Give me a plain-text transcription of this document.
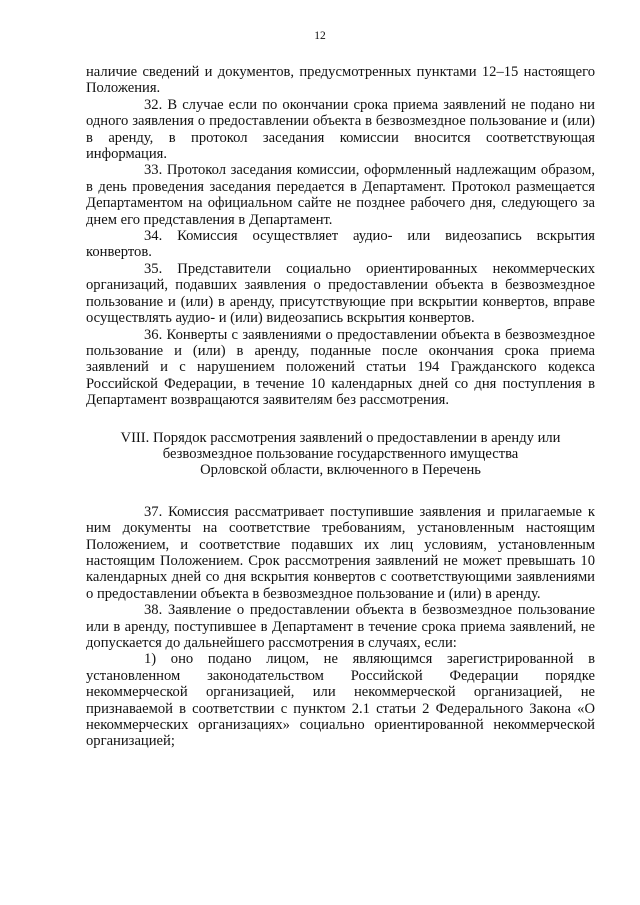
12

наличие сведений и документов, предусмотренных пунктами 12–15 настоящего Положения.

32. В случае если по окончании срока приема заявлений не подано ни одного заявления о предоставлении объекта в безвозмездное пользование и (или) в аренду, в протокол заседания комиссии вносится соответствующая информация.

33. Протокол заседания комиссии, оформленный надлежащим образом, в день проведения заседания передается в Департамент. Протокол размещается Департаментом на официальном сайте не позднее рабочего дня, следующего за днем его представления в Департамент.

34. Комиссия осуществляет аудио- или видеозапись вскрытия конвертов.

35. Представители социально ориентированных некоммерческих организаций, подавших заявления о предоставлении объекта в безвозмездное пользование и (или) в аренду, присутствующие при вскрытии конвертов, вправе осуществлять аудио- и (или) видеозапись вскрытия конвертов.

36. Конверты с заявлениями о предоставлении объекта в безвозмездное пользование и (или) в аренду, поданные после окончания срока приема заявлений и с нарушением положений статьи 194 Гражданского кодекса Российской Федерации, в течение 10 календарных дней со дня поступления в Департамент возвращаются заявителям без рассмотрения.

VIII. Порядок рассмотрения заявлений о предоставлении в аренду или
безвозмездное пользование государственного имущества
Орловской области, включенного в Перечень

37. Комиссия рассматривает поступившие заявления и прилагаемые к ним документы на соответствие требованиям, установленным настоящим Положением, и соответствие подавших их лиц условиям, установленным настоящим Положением. Срок рассмотрения заявлений не может превышать 10 календарных дней со дня вскрытия конвертов с соответствующими заявлениями о предоставлении объекта в безвозмездное пользование и (или) в аренду.

38. Заявление о предоставлении объекта в безвозмездное пользование или в аренду, поступившее в Департамент в течение срока приема заявлений, не допускается до дальнейшего рассмотрения в случаях, если:

1) оно подано лицом, не являющимся зарегистрированной в установленном законодательством Российской Федерации порядке некоммерческой организацией, или некоммерческой организацией, не признаваемой в соответствии с пунктом 2.1 статьи 2 Федерального Закона «О некоммерческих организациях» социально ориентированной некоммерческой организацией;
